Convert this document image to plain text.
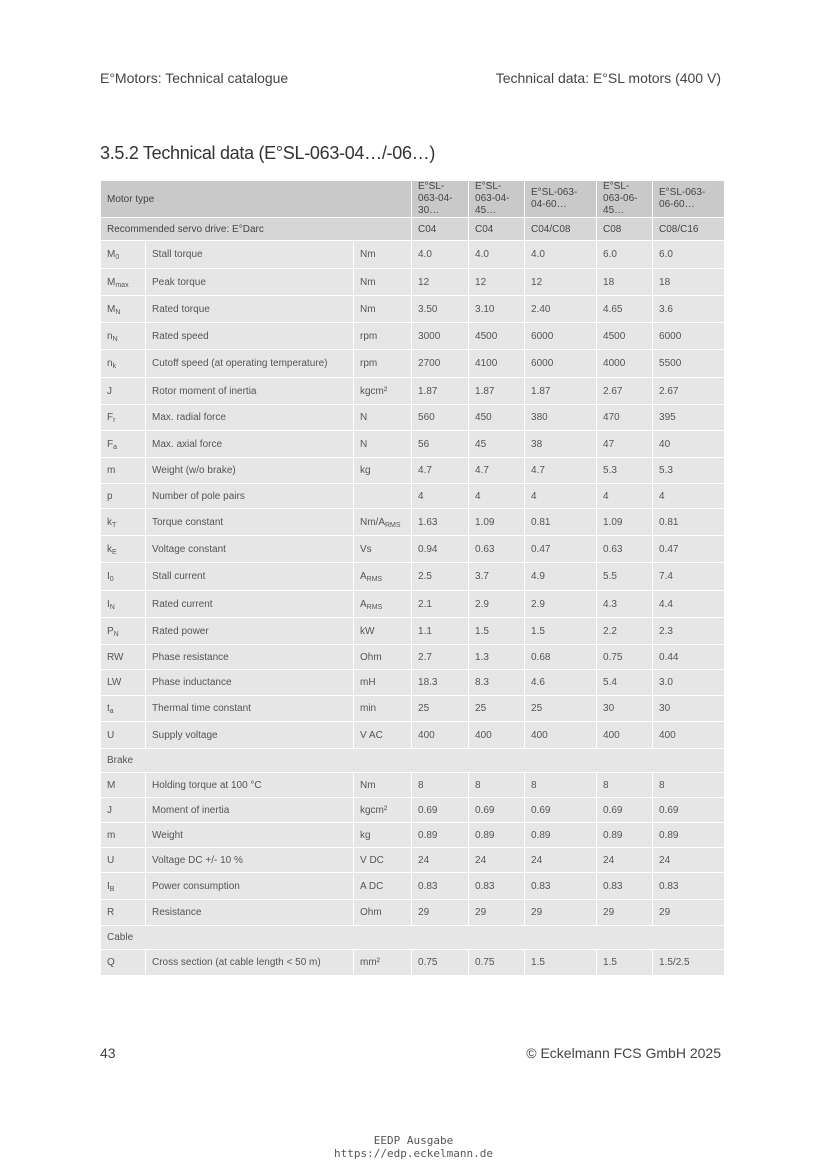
E°Motors: Technical catalogue	Technical data: E°SL motors (400 V)
3.5.2 Technical data (E°SL-063-04…/-06…)
Motor type			E°SL-063-04-30…	E°SL-063-04-45…	E°SL-063-04-60…	E°SL-063-06-45…	E°SL-063-06-60…
Recommended servo drive: E°Darc			C04	C04	C04/C08	C08	C08/C16
$M_0$	Stall torque	Nm	4.0	4.0	4.0	6.0	6.0
$M_{max}$	Peak torque	Nm	12	12	12	18	18
$M_N$	Rated torque	Nm	3.50	3.10	2.40	4.65	3.6
$n_N$	Rated speed	rpm	3000	4500	6000	4500	6000
$n_k$	Cutoff speed (at operating temperature)	rpm	2700	4100	6000	4000	5500
J	Rotor moment of inertia	kgcm²	1.87	1.87	1.87	2.67	2.67
$F_r$	Max. radial force	N	560	450	380	470	395
$F_a$	Max. axial force	N	56	45	38	47	40
m	Weight (w/o brake)	kg	4.7	4.7	4.7	5.3	5.3
p	Number of pole pairs		4	4	4	4	4
$k_T$	Torque constant	$Nm/A_{RMS}$	1.63	1.09	0.81	1.09	0.81
$k_E$	Voltage constant	Vs	0.94	0.63	0.47	0.63	0.47
$I_0$	Stall current	$A_{RMS}$	2.5	3.7	4.9	5.5	7.4
$I_N$	Rated current	$A_{RMS}$	2.1	2.9	2.9	4.3	4.4
$P_N$	Rated power	kW	1.1	1.5	1.5	2.2	2.3
RW	Phase resistance	Ohm	2.7	1.3	0.68	0.75	0.44
LW	Phase inductance	mH	18.3	8.3	4.6	5.4	3.0
$t_a$	Thermal time constant	min	25	25	25	30	30
U	Supply voltage	V AC	400	400	400	400	400
Brake							
M	Holding torque at 100 °C	Nm	8	8	8	8	8
J	Moment of inertia	kgcm²	0.69	0.69	0.69	0.69	0.69
m	Weight	kg	0.89	0.89	0.89	0.89	0.89
U	Voltage DC +/- 10 %	V DC	24	24	24	24	24
$I_B$	Power consumption	A DC	0.83	0.83	0.83	0.83	0.83
R	Resistance	Ohm	29	29	29	29	29
Cable							
Q	Cross section (at cable length < 50 m)	mm²	0.75	0.75	1.5	1.5	1.5/2.5
43	© Eckelmann FCS GmbH 2025
EEDP Ausgabe
https://edp.eckelmann.de
